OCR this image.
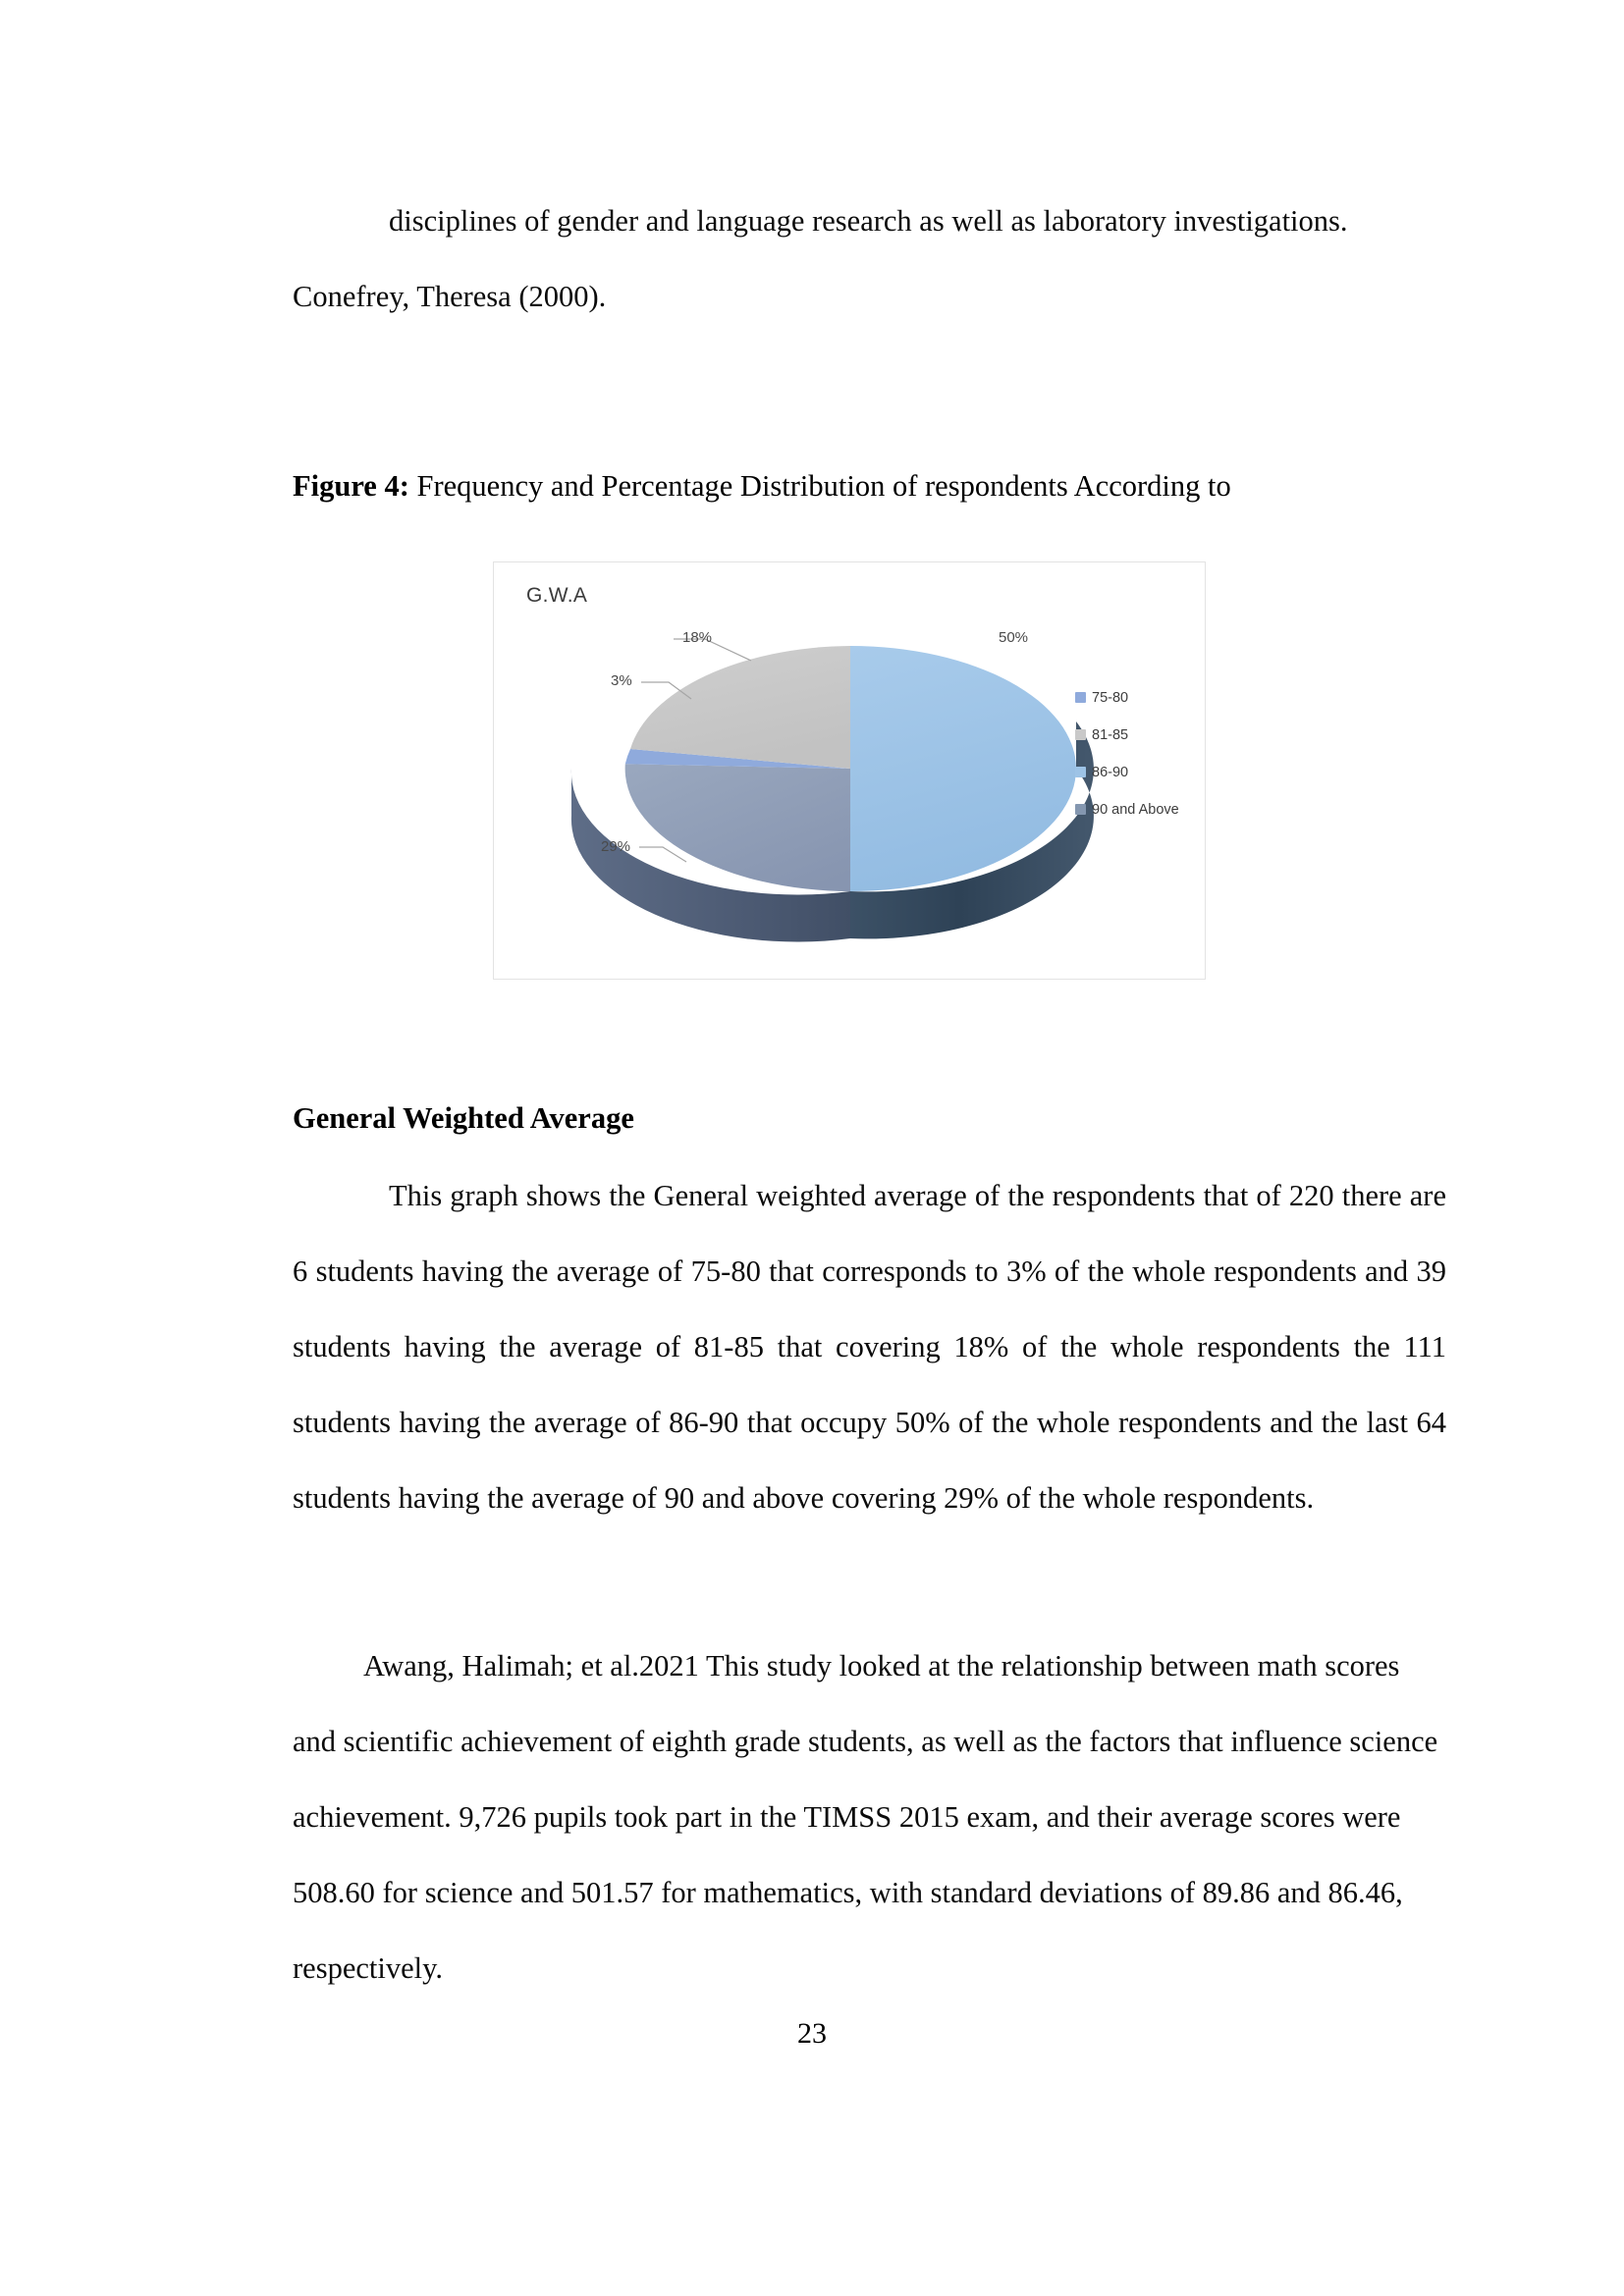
disciplines of gender and language research as well as laboratory investigations.

Conefrey, Theresa (2000).

Figure 4: Frequency and Percentage Distribution of respondents According to
G.W.A
18%
3%
29%
50%
75-80
81-85
86-90
90 and Above
General Weighted Average

This graph shows the General weighted average of the respondents that of 220 there are 6 students having the average of 75-80 that corresponds to 3% of the whole respondents and 39 students having the average of 81-85 that covering 18% of the whole respondents the 111 students having the average of 86-90 that occupy 50% of the whole respondents and the last 64 students having the average of 90 and above covering 29% of the whole respondents.

Awang, Halimah; et al.2021 This study looked at the relationship between math scores and scientific achievement of eighth grade students, as well as the factors that influence science achievement. 9,726 pupils took part in the TIMSS 2015 exam, and their average scores were 508.60 for science and 501.57 for mathematics, with standard deviations of 89.86 and 86.46, respectively.

23
